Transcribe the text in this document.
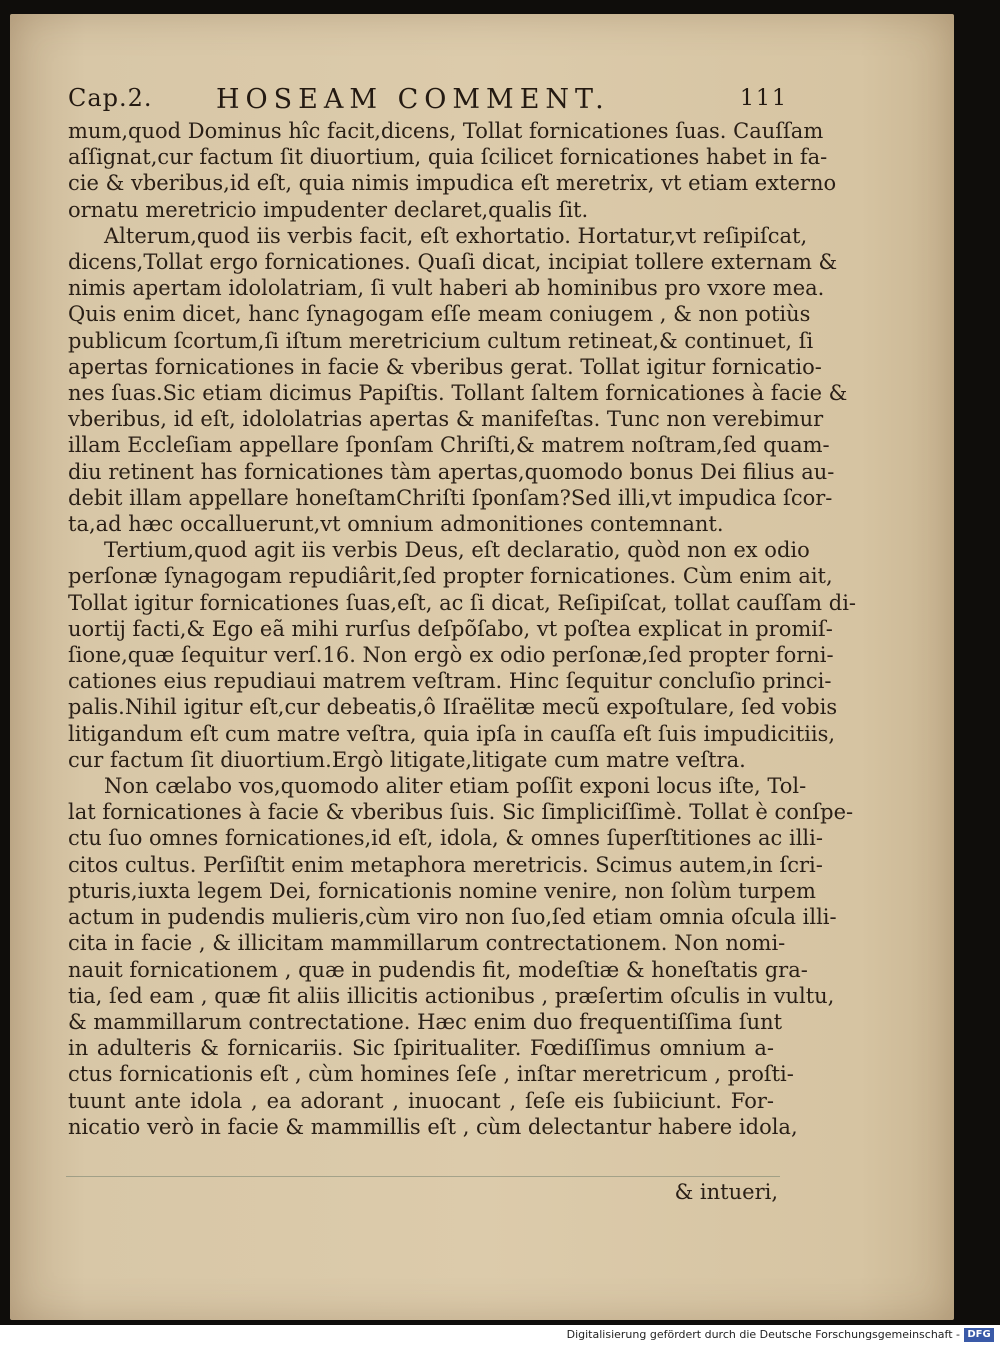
Cap.2. HOSEAM COMMENT.	111
mum,quod Dominus hîc facit,dicens, Tollat fornicationes ſuas. Cauſſam
aſſignat,cur factum ſit diuortium, quia ſcilicet fornicationes habet in fa-
cie & vberibus,id eſt, quia nimis impudica eſt meretrix, vt etiam externo
ornatu meretricio impudenter declaret,qualis ſit.
Alterum,quod iis verbis facit, eſt exhortatio. Hortatur,vt reſipiſcat,
dicens,Tollat ergo fornicationes. Quaſi dicat, incipiat tollere externam &
nimis apertam idololatriam, ſi vult haberi ab hominibus pro vxore mea.
Quis enim dicet, hanc ſynagogam eſſe meam coniugem , & non potiùs
publicum ſcortum,ſi iſtum meretricium cultum retineat,& continuet, ſi
apertas fornicationes in facie & vberibus gerat. Tollat igitur fornicatio-
nes ſuas.Sic etiam dicimus Papiſtis. Tollant ſaltem fornicationes à facie &
vberibus, id eſt, idololatrias apertas & manifeſtas. Tunc non verebimur
illam Eccleſiam appellare ſponſam Chriſti,& matrem noſtram,ſed quam-
diu retinent has fornicationes tàm apertas,quomodo bonus Dei filius au-
debit illam appellare honeſtamChriſti ſponſam?Sed illi,vt impudica ſcor-
ta,ad hæc occalluerunt,vt omnium admonitiones contemnant.
Tertium,quod agit iis verbis Deus, eſt declaratio, quòd non ex odio
perſonæ ſynagogam repudiârit,ſed propter fornicationes. Cùm enim ait,
Tollat igitur fornicationes ſuas,eſt, ac ſi dicat, Reſipiſcat, tollat cauſſam di-
uortij facti,& Ego eã mihi rurſus deſpõſabo, vt poſtea explicat in promiſ-
ſione,quæ ſequitur verſ.16. Non ergò ex odio perſonæ,ſed propter forni-
cationes eius repudiaui matrem veſtram. Hinc ſequitur concluſio princi-
palis.Nihil igitur eſt,cur debeatis,ô Iſraëlitæ mecũ expoſtulare, ſed vobis
litigandum eſt cum matre veſtra, quia ipſa in cauſſa eſt ſuis impudicitiis,
cur factum ſit diuortium.Ergò litigate,litigate cum matre veſtra.
Non cælabo vos,quomodo aliter etiam poſſit exponi locus iſte, Tol-
lat fornicationes à facie & vberibus ſuis. Sic ſimpliciſſimè. Tollat è conſpe-
ctu ſuo omnes fornicationes,id eſt, idola, & omnes ſuperſtitiones ac illi-
citos cultus. Perſiſtit enim metaphora meretricis. Scimus autem,in ſcri-
pturis,iuxta legem Dei, fornicationis nomine venire, non ſolùm turpem
actum in pudendis mulieris,cùm viro non ſuo,ſed etiam omnia oſcula illi-
cita in facie , & illicitam mammillarum contrectationem. Non nomi-
nauit fornicationem , quæ in pudendis fit, modeſtiæ & honeſtatis gra-
tia, ſed eam , quæ fit aliis illicitis actionibus , præſertim oſculis in vultu,
& mammillarum contrectatione. Hæc enim duo frequentiſſima ſunt
in adulteris & fornicariis. Sic ſpiritualiter. Fœdiſſimus omnium a-
ctus fornicationis eſt , cùm homines ſeſe , inſtar meretricum , proſti-
tuunt ante idola , ea adorant , inuocant , ſeſe eis ſubiiciunt. For-
nicatio verò in facie & mammillis eſt , cùm delectantur habere idola,
& intueri,
Digitalisierung gefördert durch die Deutsche Forschungsgemeinschaft - DFG
